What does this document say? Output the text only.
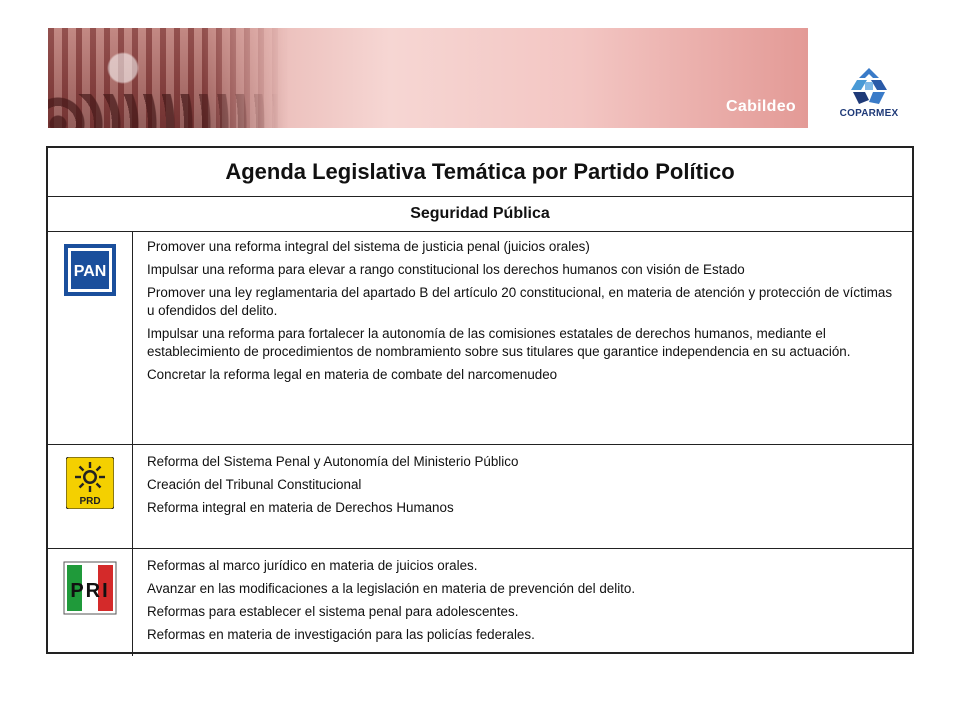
Cabildeo	COPARMEX
Agenda Legislativa Temática por Partido Político
Seguridad Pública
PAN

Promover una reforma integral del sistema de justicia penal (juicios orales)

Impulsar una reforma para elevar a rango constitucional los derechos humanos con visión de Estado

Promover una ley reglamentaria del apartado B del artículo 20 constitucional, en materia de atención y protección de víctimas u ofendidos del delito.

Impulsar una reforma para fortalecer la autonomía de las comisiones estatales de derechos humanos, mediante el establecimiento de procedimientos de nombramiento sobre sus titulares que garantice independencia en su actuación.

Concretar la reforma legal en materia de combate del narcomenudeo

PRD

Reforma del Sistema Penal y Autonomía del Ministerio Público

Creación del Tribunal Constitucional

Reforma integral en materia de Derechos Humanos

PRI

Reformas al marco jurídico en materia de juicios orales.

Avanzar en las modificaciones a la legislación en materia de prevención del delito.

Reformas para establecer el sistema penal para adolescentes.

Reformas en materia de investigación para las policías federales.
